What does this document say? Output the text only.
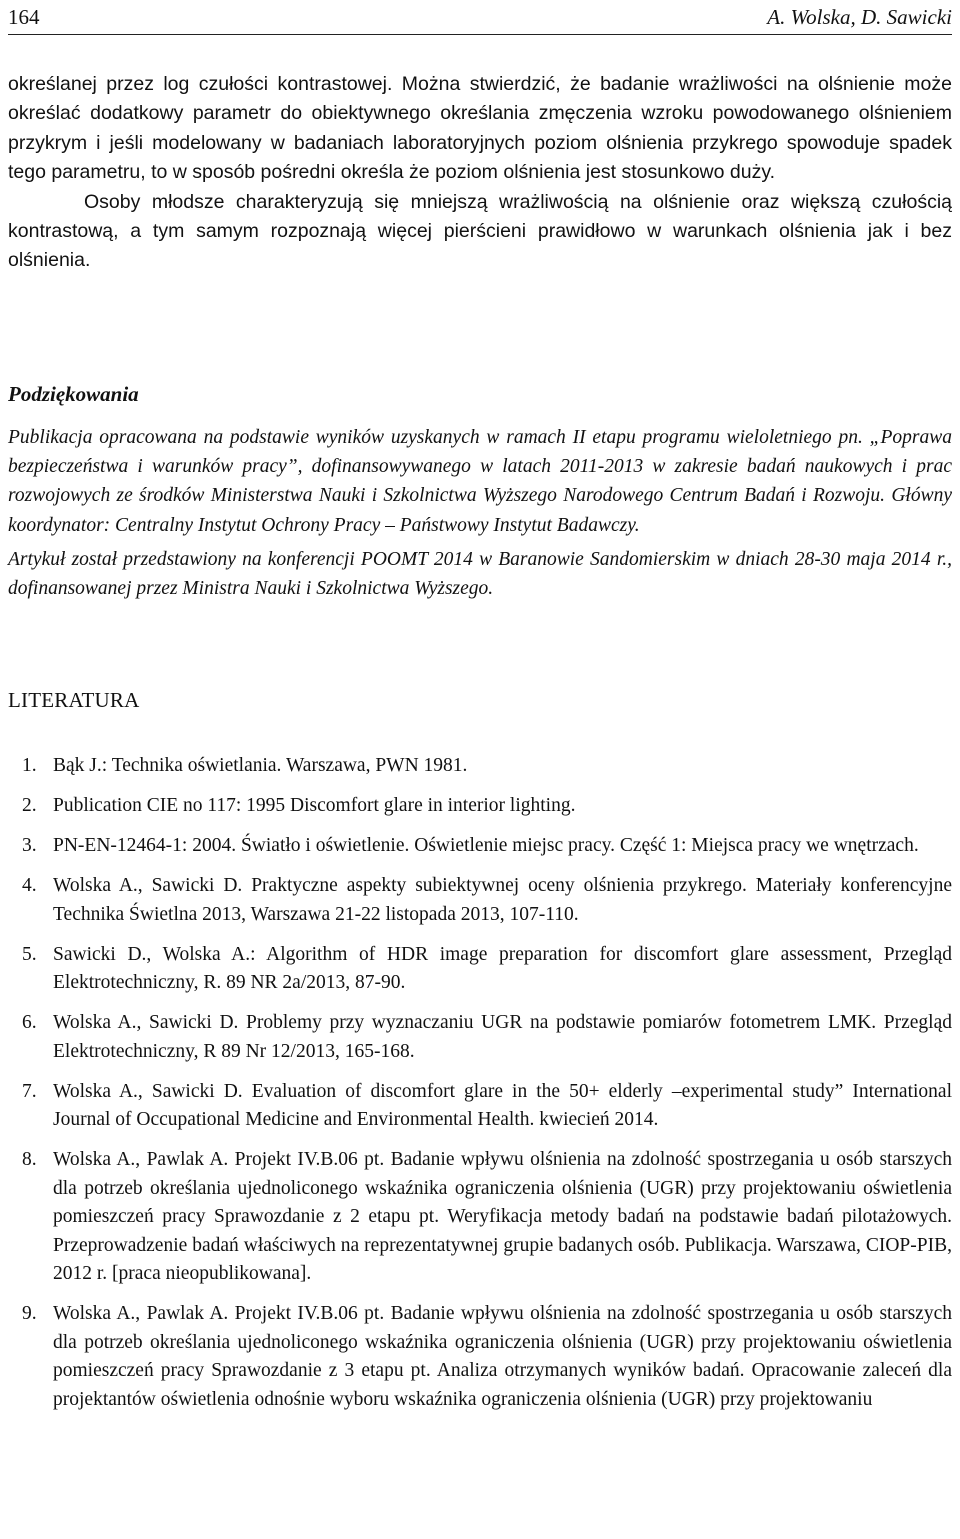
164	A. Wolska, D. Sawicki

określanej przez log czułości kontrastowej. Można stwierdzić, że badanie wrażliwości na olśnienie może określać dodatkowy parametr do obiektywnego określania zmęczenia wzroku powodowanego olśnieniem przykrym i jeśli modelowany w badaniach laboratoryjnych poziom olśnienia przykrego spowoduje spadek tego parametru, to w sposób pośredni określa że poziom olśnienia jest stosunkowo duży.

Osoby młodsze charakteryzują się mniejszą wrażliwością na olśnienie oraz większą czułością kontrastową, a tym samym rozpoznają więcej pierścieni prawidłowo w warunkach olśnienia jak i bez olśnienia.

Podziękowania

Publikacja opracowana na podstawie wyników uzyskanych w ramach II etapu programu wieloletniego pn. „Poprawa bezpieczeństwa i warunków pracy”, dofinansowywanego w latach 2011-2013 w zakresie badań naukowych i prac rozwojowych ze środków Ministerstwa Nauki i Szkolnictwa Wyższego Narodowego Centrum Badań i Rozwoju. Główny koordynator: Centralny Instytut Ochrony Pracy – Państwowy Instytut Badawczy.

Artykuł został przedstawiony na konferencji POOMT 2014 w Baranowie Sandomierskim w dniach 28-30 maja 2014 r., dofinansowanej przez Ministra Nauki i Szkolnictwa Wyższego.

LITERATURA
1. Bąk J.: Technika oświetlania. Warszawa, PWN 1981.
2. Publication CIE no 117: 1995 Discomfort glare in interior lighting.
3. PN-EN-12464-1: 2004. Światło i oświetlenie. Oświetlenie miejsc pracy. Część 1: Miejsca pracy we wnętrzach.
4. Wolska A., Sawicki D. Praktyczne aspekty subiektywnej oceny olśnienia przykrego. Materiały konferencyjne Technika Świetlna 2013, Warszawa 21-22 listopada 2013, 107-110.
5. Sawicki D., Wolska A.: Algorithm of HDR image preparation for discomfort glare assessment, Przegląd Elektrotechniczny, R. 89 NR 2a/2013, 87-90.
6. Wolska A., Sawicki D. Problemy przy wyznaczaniu UGR na podstawie pomiarów fotometrem LMK. Przegląd Elektrotechniczny, R 89 Nr 12/2013, 165-168.
7. Wolska A., Sawicki D. Evaluation of discomfort glare in the 50+ elderly –experimental study” International Journal of Occupational Medicine and Environmental Health. kwiecień 2014.
8. Wolska A., Pawlak A. Projekt IV.B.06 pt. Badanie wpływu olśnienia na zdolność spostrzegania u osób starszych dla potrzeb określania ujednoliconego wskaźnika ograniczenia olśnienia (UGR) przy projektowaniu oświetlenia pomieszczeń pracy Sprawozdanie z 2 etapu pt. Weryfikacja metody badań na podstawie badań pilotażowych. Przeprowadzenie badań właściwych na reprezentatywnej grupie badanych osób. Publikacja. Warszawa, CIOP-PIB, 2012 r. [praca nieopublikowana].
9. Wolska A., Pawlak A. Projekt IV.B.06 pt. Badanie wpływu olśnienia na zdolność spostrzegania u osób starszych dla potrzeb określania ujednoliconego wskaźnika ograniczenia olśnienia (UGR) przy projektowaniu oświetlenia pomieszczeń pracy Sprawozdanie z 3 etapu pt. Analiza otrzymanych wyników badań. Opracowanie zaleceń dla projektantów oświetlenia odnośnie wyboru wskaźnika ograniczenia olśnienia (UGR) przy projektowaniu
